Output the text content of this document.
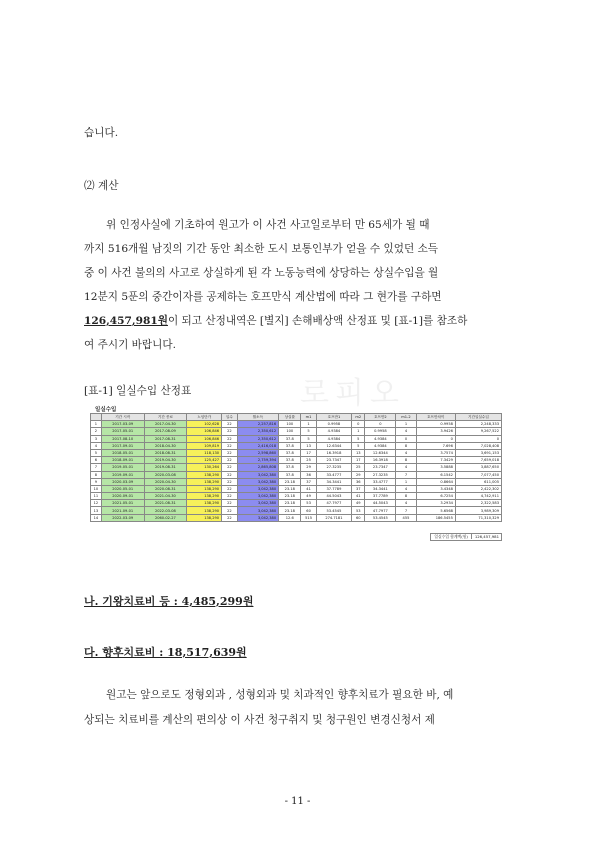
습니다.

⑵ 계산

위 인정사실에 기초하여 원고가 이 사건 사고일로부터 만 65세가 될 때

까지 516개월 남짓의 기간 동안 최소한 도시 보통인부가 얻을 수 있었던 소득

중 이 사건 불의의 사고로 상실하게 된 각 노동능력에 상당하는 상실수입을 월

12분지 5푼의 중간이자를 공제하는 호프만식 계산법에 따라 그 현가를 구하면

126,457,981원이 되고 산정내역은 [별지] 손해배상액 산정표 및 [표-1]를 참조하

여 주시기 바랍니다.

로피오

[표-1] 일실수입 산정표

일실수입
	기간 시작	기간 종료	노임단가	일수	월소득	상실률	m1	호프만1	m2	호프만2	m1-2	호프만차이	기간일실수입
1	2017-03-09	2017-04-30	102,628	22	2,257,816	100	1	0.9958	0	0	1	0.9958	2,248,333
2	2017-05-01	2017-08-09	106,846	22	2,350,612	100	5	4.9384	1	0.9958	4	3.9426	9,267,522
3	2017-08-10	2017-08-31	106,846	22	2,350,612	37.8	5	4.9384	5	4.9384	0	0	0
4	2017-09-01	2018-04-30	109,819	22	2,416,018	37.8	13	12.6344	5	4.9384	8	7.696	7,028,408
5	2018-05-01	2018-08-31	118,130	22	2,598,860	37.8	17	16.3918	13	12.6344	4	3.7574	3,691,153
6	2018-09-01	2019-04-30	125,427	22	2,759,394	37.8	25	23.7347	17	16.3918	8	7.3429	7,659,018
7	2019-05-01	2019-08-31	130,264	22	2,865,808	37.8	29	27.3235	25	23.7347	4	3.5888	3,887,650
8	2019-09-01	2020-03-08	138,290	22	3,042,380	37.8	36	33.4777	29	27.3235	7	6.1542	7,077,450
9	2020-03-09	2020-04-30	138,290	22	3,042,380	23.18	37	34.3441	36	33.4777	1	0.8664	611,005
10	2020-05-01	2020-08-31	138,290	22	3,042,380	23.18	41	37.7789	37	34.3441	4	3.4348	2,422,302
11	2020-09-01	2021-04-30	138,290	22	3,042,380	23.18	49	44.5043	41	37.7789	8	6.7254	4,742,911
12	2021-05-01	2021-08-31	138,290	22	3,042,380	23.18	53	47.7977	49	44.5043	4	3.2934	2,322,583
13	2021-09-01	2022-03-08	138,290	22	3,042,380	23.18	60	53.4545	53	47.7977	7	5.6568	3,989,309
14	2022-03-09	2060-02-27	138,290	22	3,042,380	12.6	515	274.7181	60	53.4545	455	186.5455	71,310,329
일실수입 합계액(원) 126,457,981

나. 기왕치료비 등 : 4,485,299원

다. 향후치료비 : 18,517,639원

원고는 앞으로도 정형외과 , 성형외과 및 치과적인 향후치료가 필요한 바, 예

상되는 치료비를 계산의 편의상 이 사건 청구취지 및 청구원인 변경신청서 제

- 11 -
